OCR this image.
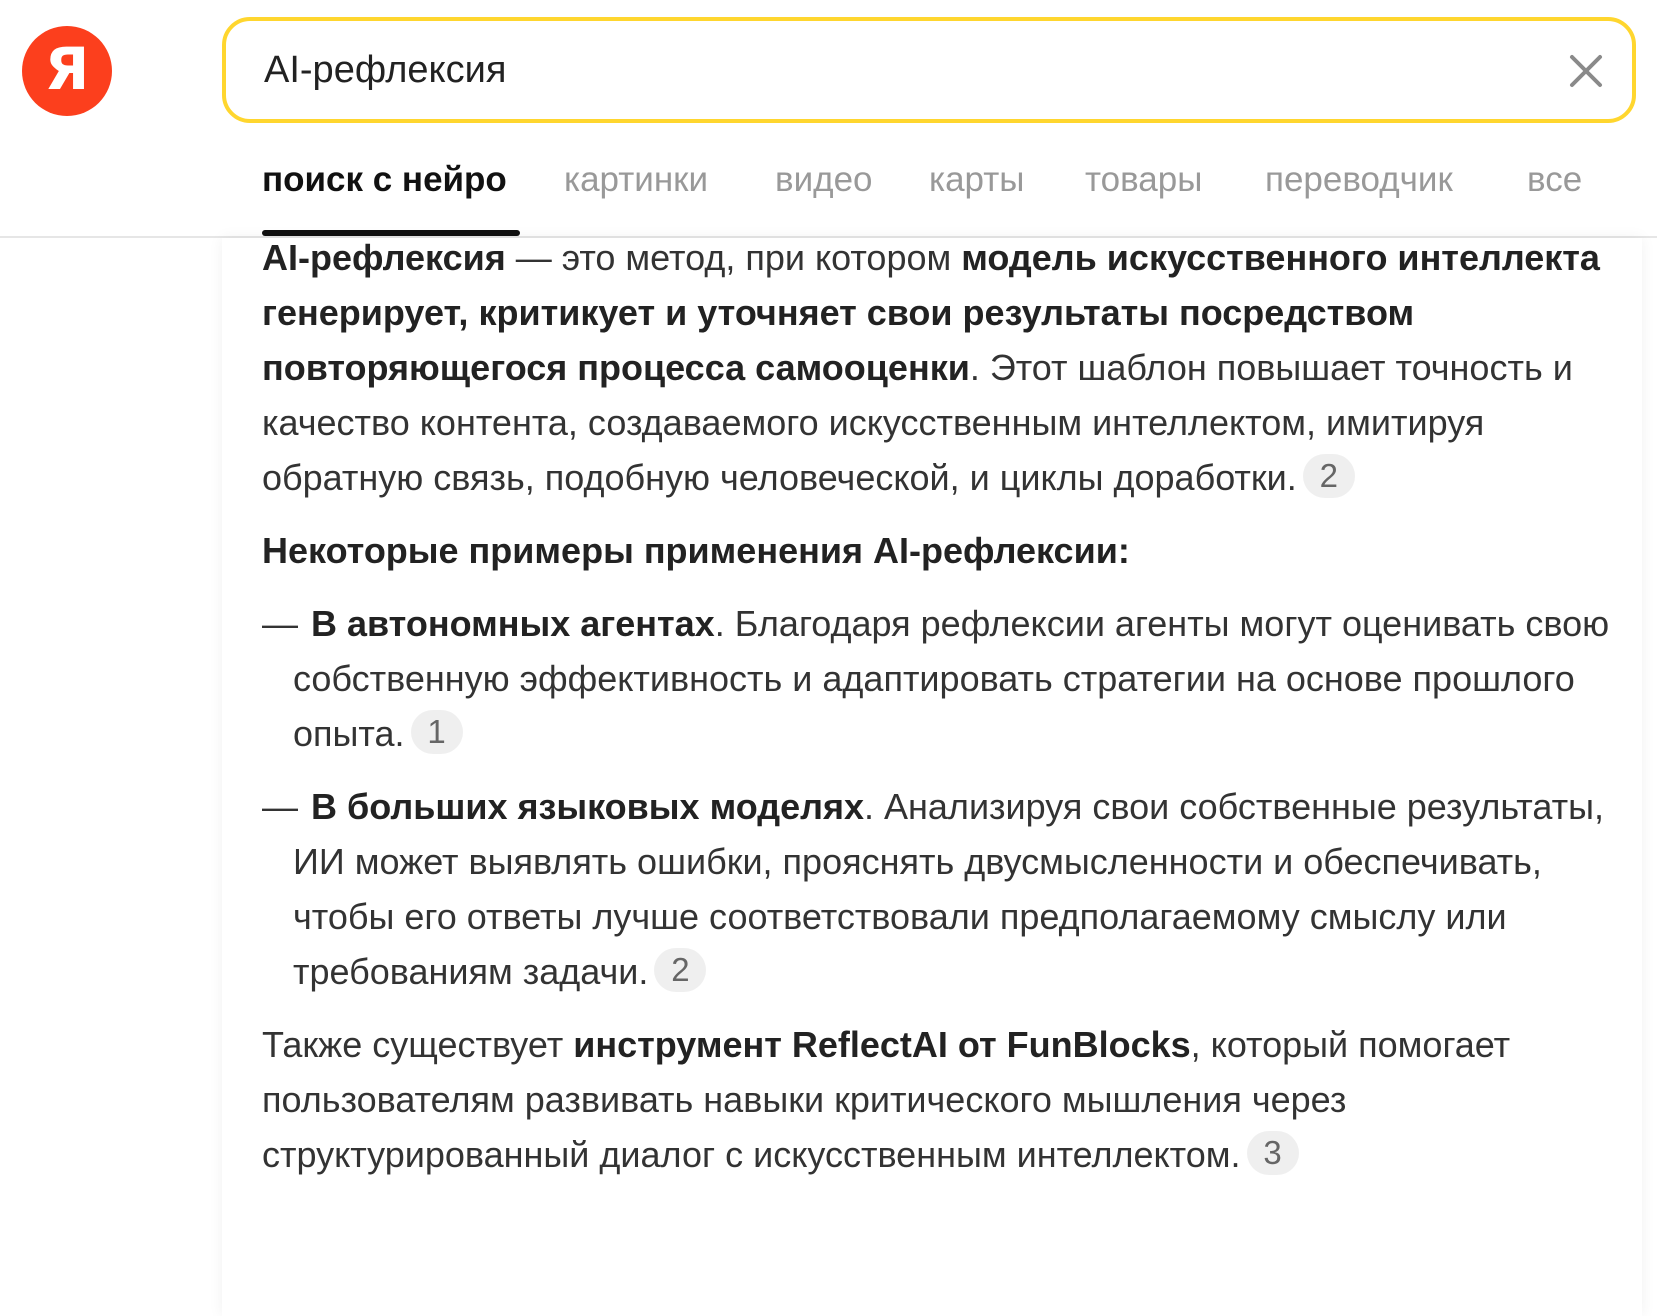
Я
AI-рефлексия
поиск с нейро картинки видео карты товары переводчик все

AI-рефлексия — это метод, при котором модель искусственного интеллекта генерирует, критикует и уточняет свои результаты посредством повторяющегося процесса самооценки. Этот шаблон повышает точность и качество контента, создаваемого искусственным интеллектом, имитируя обратную связь, подобную человеческой, и циклы доработки. 2

Некоторые примеры применения AI-рефлексии:

— В автономных агентах. Благодаря рефлексии агенты могут оценивать свою собственную эффективность и адаптировать стратегии на основе прошлого опыта. 1
— В больших языковых моделях. Анализируя свои собственные результаты, ИИ может выявлять ошибки, прояснять двусмысленности и обеспечивать, чтобы его ответы лучше соответствовали предполагаемому смыслу или требованиям задачи. 2

Также существует инструмент ReflectAI от FunBlocks, который помогает пользователям развивать навыки критического мышления через структурированный диалог с искусственным интеллектом. 3
